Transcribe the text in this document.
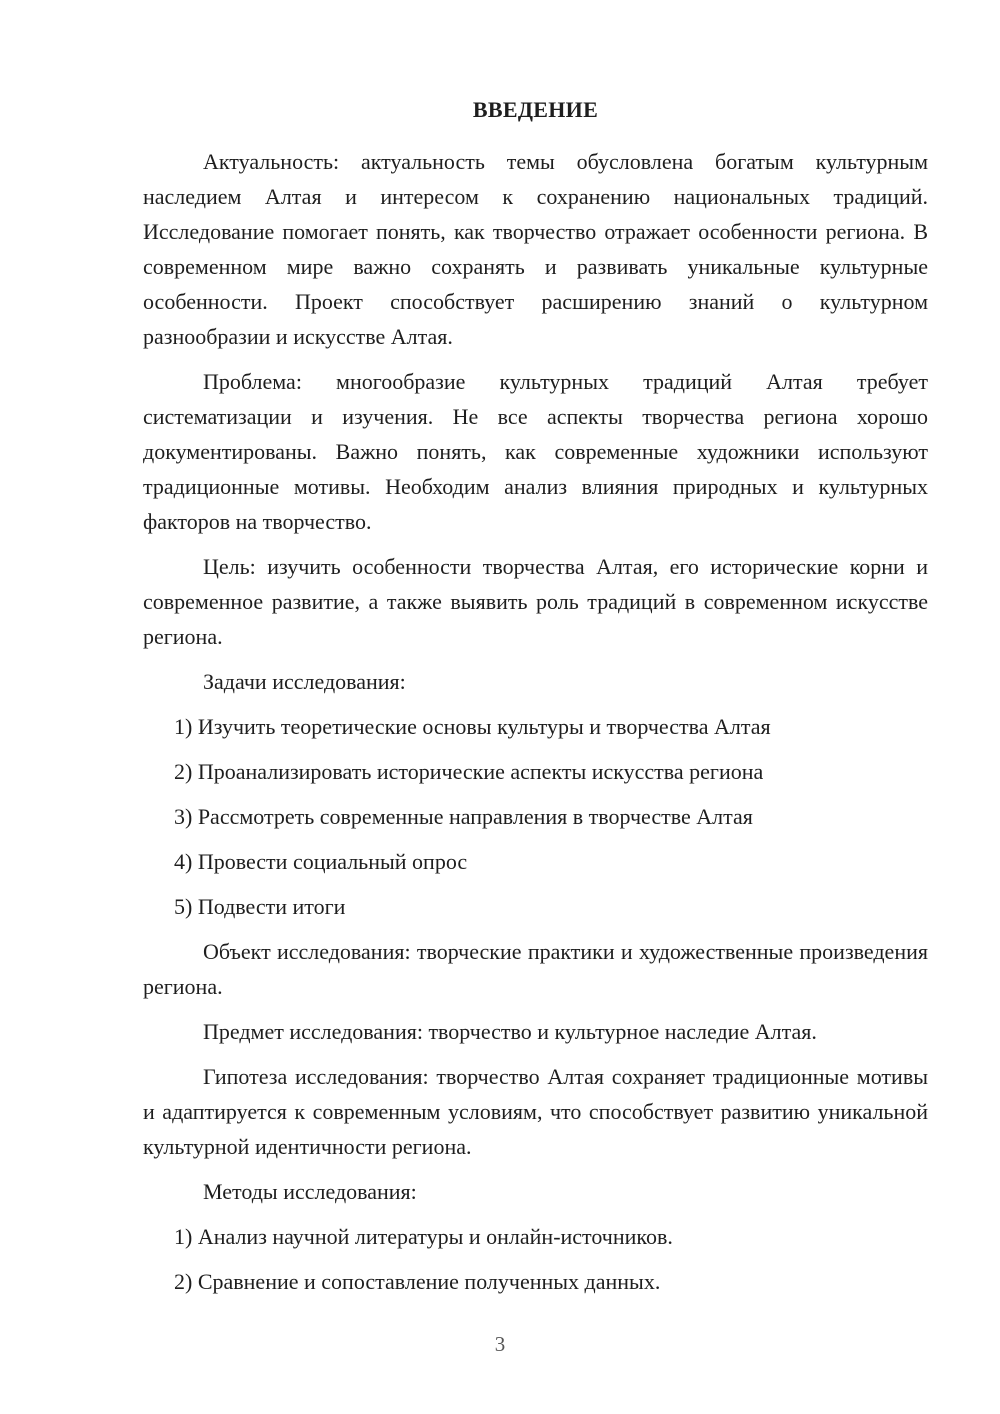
ВВЕДЕНИЕ

Актуальность: актуальность темы обусловлена богатым культурным наследием Алтая и интересом к сохранению национальных традиций. Исследование помогает понять, как творчество отражает особенности региона. В современном мире важно сохранять и развивать уникальные культурные особенности. Проект способствует расширению знаний о культурном разнообразии и искусстве Алтая.

Проблема: многообразие культурных традиций Алтая требует систематизации и изучения. Не все аспекты творчества региона хорошо документированы. Важно понять, как современные художники используют традиционные мотивы. Необходим анализ влияния природных и культурных факторов на творчество.

Цель: изучить особенности творчества Алтая, его исторические корни и современное развитие, а также выявить роль традиций в современном искусстве региона.

Задачи исследования:

1) Изучить теоретические основы культуры и творчества Алтая
2) Проанализировать исторические аспекты искусства региона
3) Рассмотреть современные направления в творчестве Алтая
4) Провести социальный опрос
5) Подвести итоги

Объект исследования: творческие практики и художественные произведения региона.

Предмет исследования: творчество и культурное наследие Алтая.

Гипотеза исследования: творчество Алтая сохраняет традиционные мотивы и адаптируется к современным условиям, что способствует развитию уникальной культурной идентичности региона.

Методы исследования:

1) Анализ научной литературы и онлайн-источников.
2) Сравнение и сопоставление полученных данных.
3
